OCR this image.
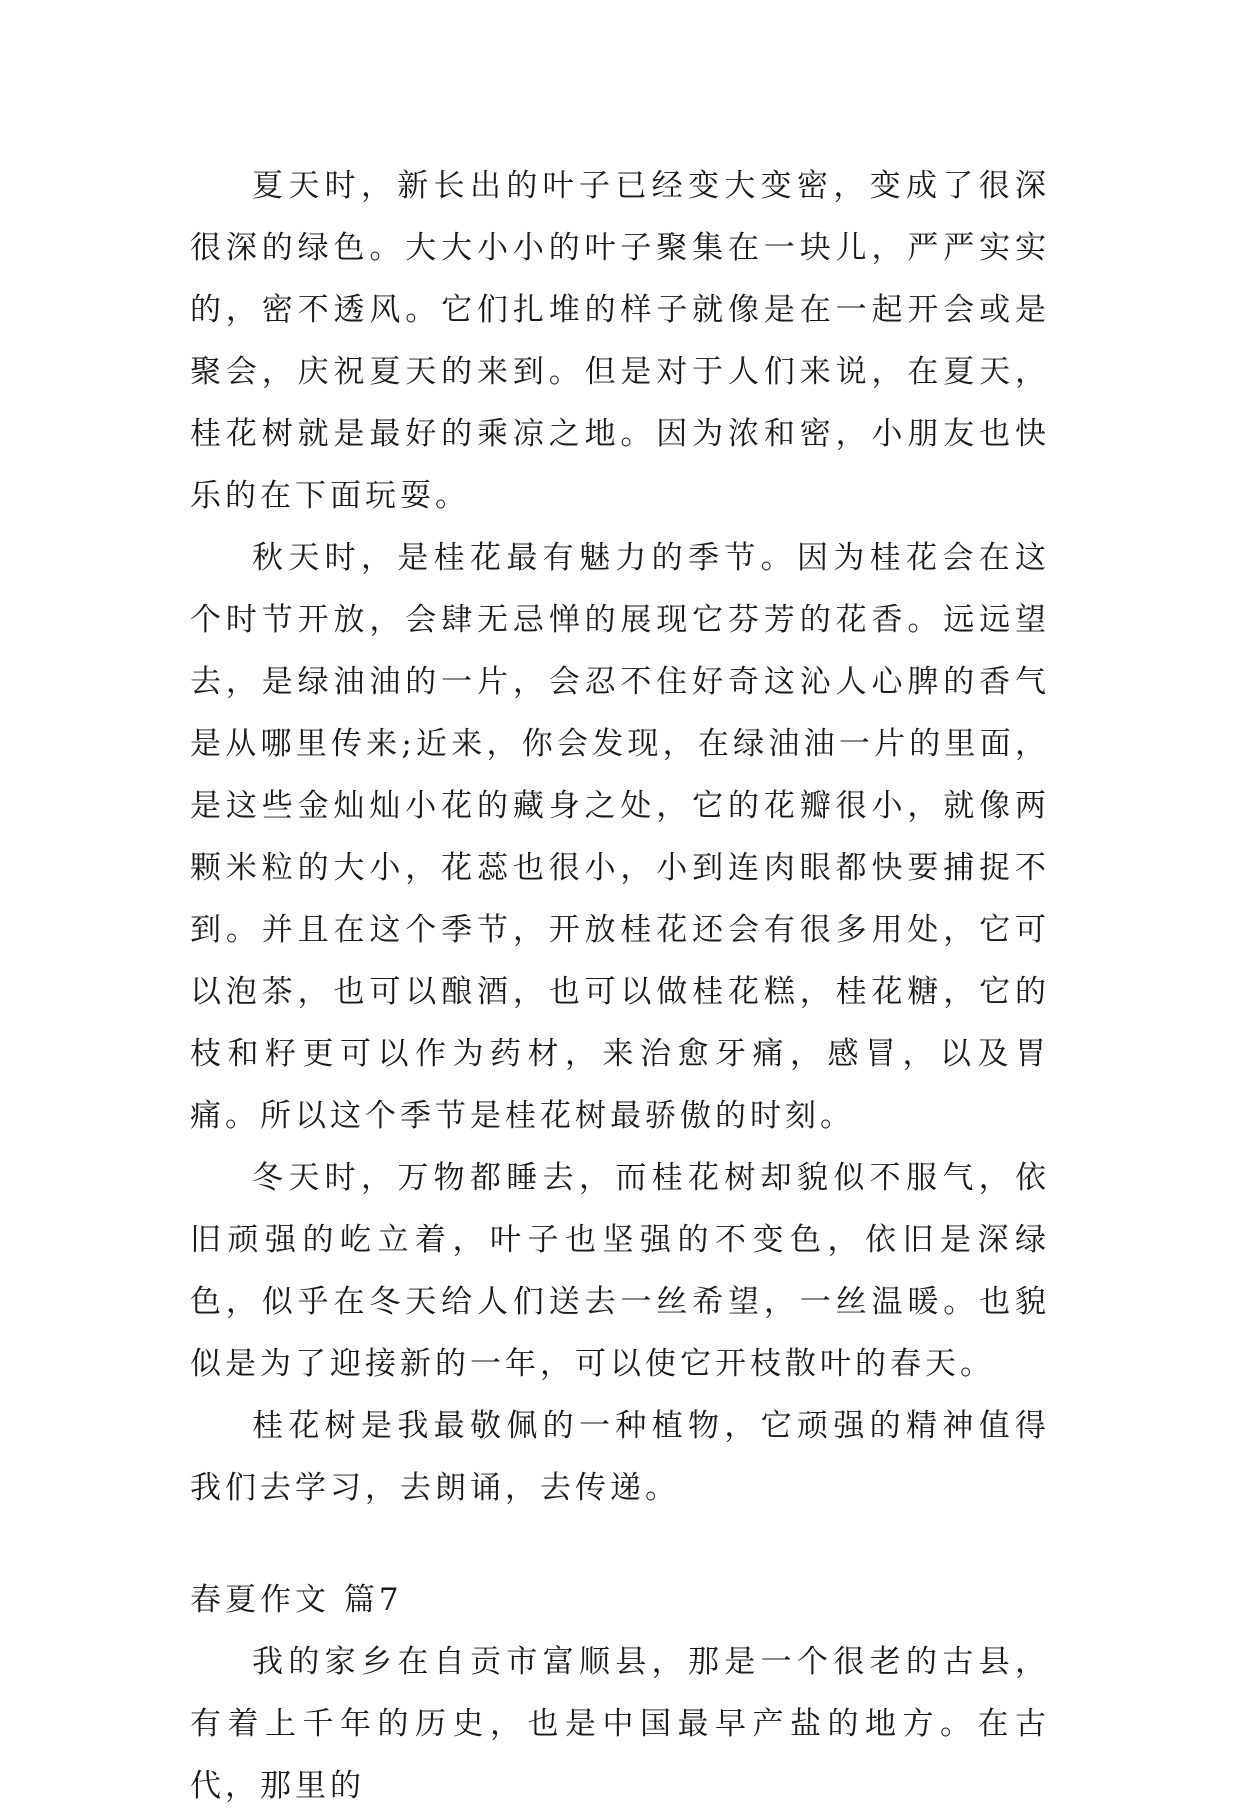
夏天时，新长出的叶子已经变大变密，变成了很深很深的绿色。大大小小的叶子聚集在一块儿，严严实实的，密不透风。它们扎堆的样子就像是在一起开会或是聚会，庆祝夏天的来到。但是对于人们来说，在夏天，桂花树就是最好的乘凉之地。因为浓和密，小朋友也快乐的在下面玩耍。

秋天时，是桂花最有魅力的季节。因为桂花会在这个时节开放，会肆无忌惮的展现它芬芳的花香。远远望去，是绿油油的一片，会忍不住好奇这沁人心脾的香气是从哪里传来;近来，你会发现，在绿油油一片的里面，是这些金灿灿小花的藏身之处，它的花瓣很小，就像两颗米粒的大小，花蕊也很小，小到连肉眼都快要捕捉不到。并且在这个季节，开放桂花还会有很多用处，它可以泡茶，也可以酿酒，也可以做桂花糕，桂花糖，它的枝和籽更可以作为药材，来治愈牙痛，感冒，以及胃痛。所以这个季节是桂花树最骄傲的时刻。

冬天时，万物都睡去，而桂花树却貌似不服气，依旧顽强的屹立着，叶子也坚强的不变色，依旧是深绿色，似乎在冬天给人们送去一丝希望，一丝温暖。也貌似是为了迎接新的一年，可以使它开枝散叶的春天。

桂花树是我最敬佩的一种植物，它顽强的精神值得我们去学习，去朗诵，去传递。

春夏作文 篇7

我的家乡在自贡市富顺县，那是一个很老的古县，有着上千年的历史，也是中国最早产盐的地方。在古代，那里的
